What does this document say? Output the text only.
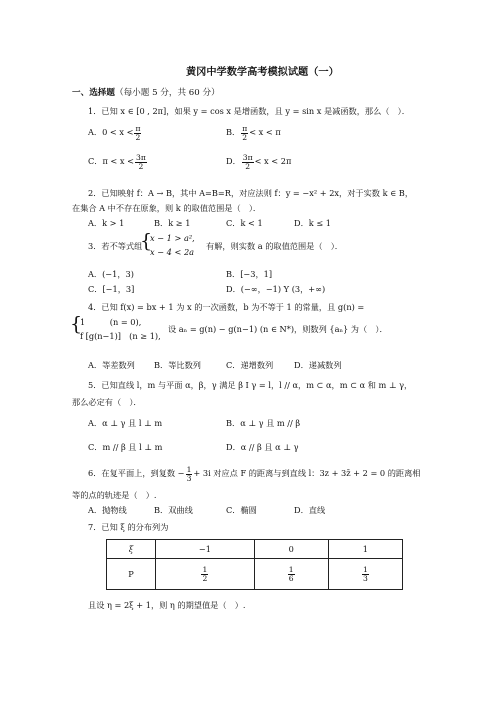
黄冈中学数学高考模拟试题（一）
一、选择题（每小题 5 分，共 60 分）
1．已知 x ∈ [0 , 2π]，如果 y = cos x 是增函数，且 y = sin x 是减函数，那么（　）．
A．$0 < x < \frac{\pi}{2}$	B． $\frac{\pi}{2} < x < \pi$
C．$\pi < x < \frac{3\pi}{2}$	D． $\frac{3\pi}{2} < x < 2\pi$
2．已知映射 f：A → B，其中 A=B=R，对应法则 f：y = −x² + 2x，对于实数 k ∈ B，
在集合 A 中不存在原象，则 k 的取值范围是（　）．
A．k > 1	B．k ≥ 1	C．k < 1	D．k ≤ 1
3．若不等式组
{
x − 1 > a²,
x − 4 < 2a
有解，则实数 a 的取值范围是（　）．
A．(−1，3)	B．[−3，1]
C．[−1，3]	D．(−∞，−1) Y (3，+∞)
4．已知 f(x) = bx + 1 为 x 的一次函数，b 为不等于 1 的常量，且 g(n) =
{
1　　　(n = 0),
f [g(n−1)]　(n ≥ 1),
设 aₙ = g(n) − g(n−1) (n ∈ N*)，则数列 {aₙ} 为（　）．
A．等差数列 B．等比数列	C．递增数列	D．递减数列
5．已知直线 l，m 与平面 α，β，γ 满足 β I γ = l，l // α，m ⊂ α，m ⊂ α 和 m ⊥ γ，
那么必定有（　）．
A．α ⊥ γ 且 l ⊥ m	B．α ⊥ γ 且 m // β
C．m // β 且 l ⊥ m	D．α // β 且 α ⊥ γ
6．在复平面上，到复数 − $\frac{1}{3} + 3i$ 对应点 F 的距离与到直线 l：3z + 3z̄ + 2 = 0 的距离相
等的点的轨迹是（　）.
A．抛物线	B．双曲线	C．椭圆	D．直线
7．已知 ξ 的分布列为
ξ	−1	0	1
P	$\frac{1}{2}$	$\frac{1}{6}$	$\frac{1}{3}$
且设 η = 2ξ + 1，则 η 的期望值是（　）.
